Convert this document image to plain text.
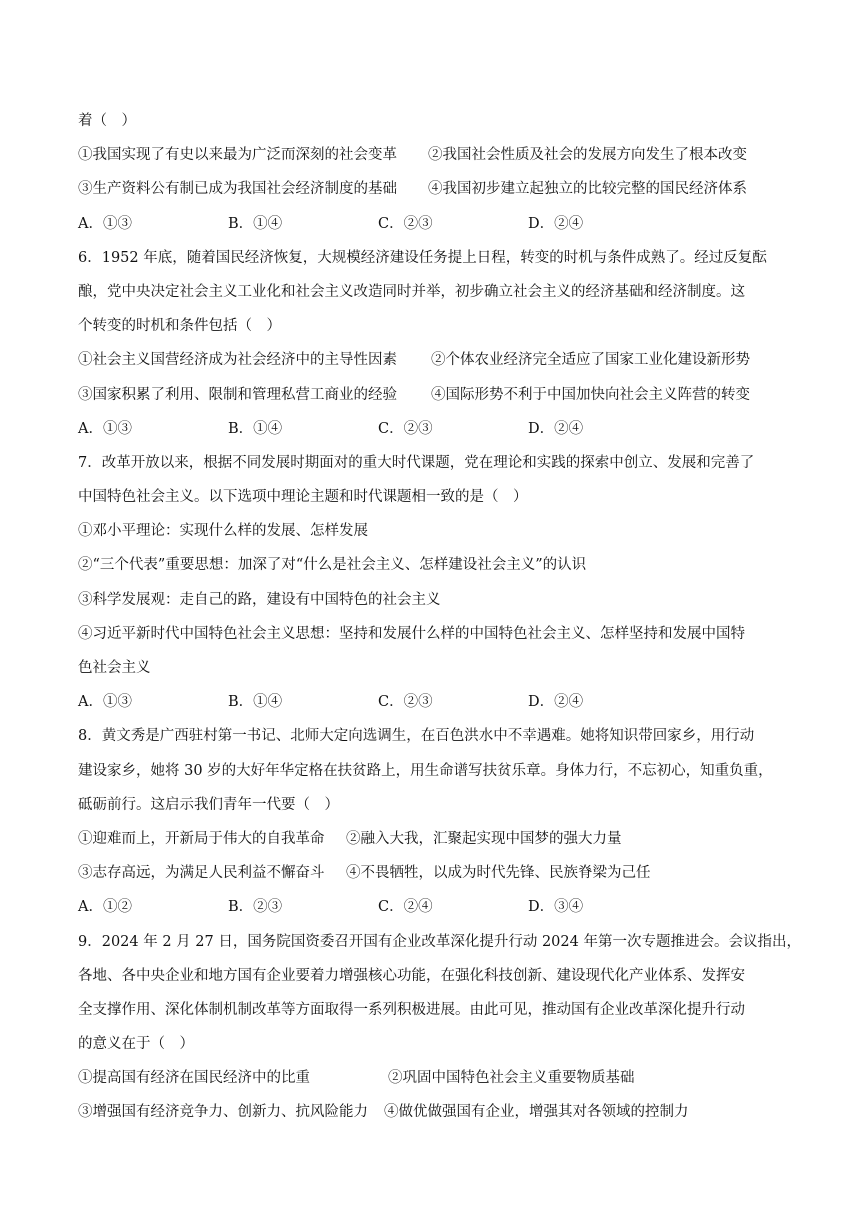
着（　）
①我国实现了有史以来最为广泛而深刻的社会变革 ②我国社会性质及社会的发展方向发生了根本改变
③生产资料公有制已成为我国社会经济制度的基础 ④我国初步建立起独立的比较完整的国民经济体系
A．①③	B．①④	C．②③	D．②④
6．1952 年底，随着国民经济恢复，大规模经济建设任务提上日程，转变的时机与条件成熟了。经过反复酝
酿，党中央决定社会主义工业化和社会主义改造同时并举，初步确立社会主义的经济基础和经济制度。这
个转变的时机和条件包括（　）
①社会主义国营经济成为社会经济中的主导性因素 ②个体农业经济完全适应了国家工业化建设新形势
③国家积累了利用、限制和管理私营工商业的经验 ④国际形势不利于中国加快向社会主义阵营的转变
A．①③	B．①④	C．②③	D．②④
7．改革开放以来，根据不同发展时期面对的重大时代课题，党在理论和实践的探索中创立、发展和完善了
中国特色社会主义。以下选项中理论主题和时代课题相一致的是（　）
①邓小平理论：实现什么样的发展、怎样发展
②“三个代表”重要思想：加深了对“什么是社会主义、怎样建设社会主义”的认识
③科学发展观：走自己的路，建设有中国特色的社会主义
④习近平新时代中国特色社会主义思想：坚持和发展什么样的中国特色社会主义、怎样坚持和发展中国特
色社会主义
A．①③	B．①④	C．②③	D．②④
8．黄文秀是广西驻村第一书记、北师大定向选调生，在百色洪水中不幸遇难。她将知识带回家乡，用行动
建设家乡，她将 30 岁的大好年华定格在扶贫路上，用生命谱写扶贫乐章。身体力行，不忘初心，知重负重，
砥砺前行。这启示我们青年一代要（　）
①迎难而上，开新局于伟大的自我革命 ②融入大我，汇聚起实现中国梦的强大力量
③志存高远，为满足人民利益不懈奋斗 ④不畏牺牲，以成为时代先锋、民族脊梁为己任
A．①②	B．②③	C．②④	D．③④
9．2024 年 2 月 27 日，国务院国资委召开国有企业改革深化提升行动 2024 年第一次专题推进会。会议指出，
各地、各中央企业和地方国有企业要着力增强核心功能，在强化科技创新、建设现代化产业体系、发挥安
全支撑作用、深化体制机制改革等方面取得一系列积极进展。由此可见，推动国有企业改革深化提升行动
的意义在于（　）
①提高国有经济在国民经济中的比重	②巩固中国特色社会主义重要物质基础
③增强国有经济竞争力、创新力、抗风险能力 ④做优做强国有企业，增强其对各领域的控制力
